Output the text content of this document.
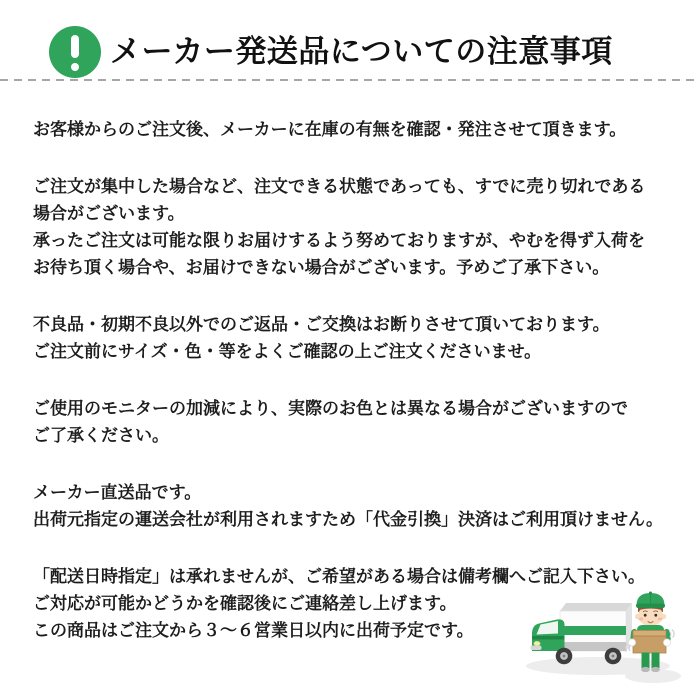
メーカー発送品についての注意事項
お客様からのご注文後、メーカーに在庫の有無を確認・発注させて頂きます。
ご注文が集中した場合など、注文できる状態であっても、すでに売り切れである
場合がございます。
承ったご注文は可能な限りお届けするよう努めておりますが、やむを得ず入荷を
お待ち頂く場合や、お届けできない場合がございます。予めご了承下さい。
不良品・初期不良以外でのご返品・ご交換はお断りさせて頂いております。
ご注文前にサイズ・色・等をよくご確認の上ご注文くださいませ。
ご使用のモニターの加減により、実際のお色とは異なる場合がございますので
ご了承ください。
メーカー直送品です。
出荷元指定の運送会社が利用されますため「代金引換」決済はご利用頂けません。
「配送日時指定」は承れませんが、ご希望がある場合は備考欄へご記入下さい。
ご対応が可能かどうかを確認後にご連絡差し上げます。
この商品はご注文から３～６営業日以内に出荷予定です。
